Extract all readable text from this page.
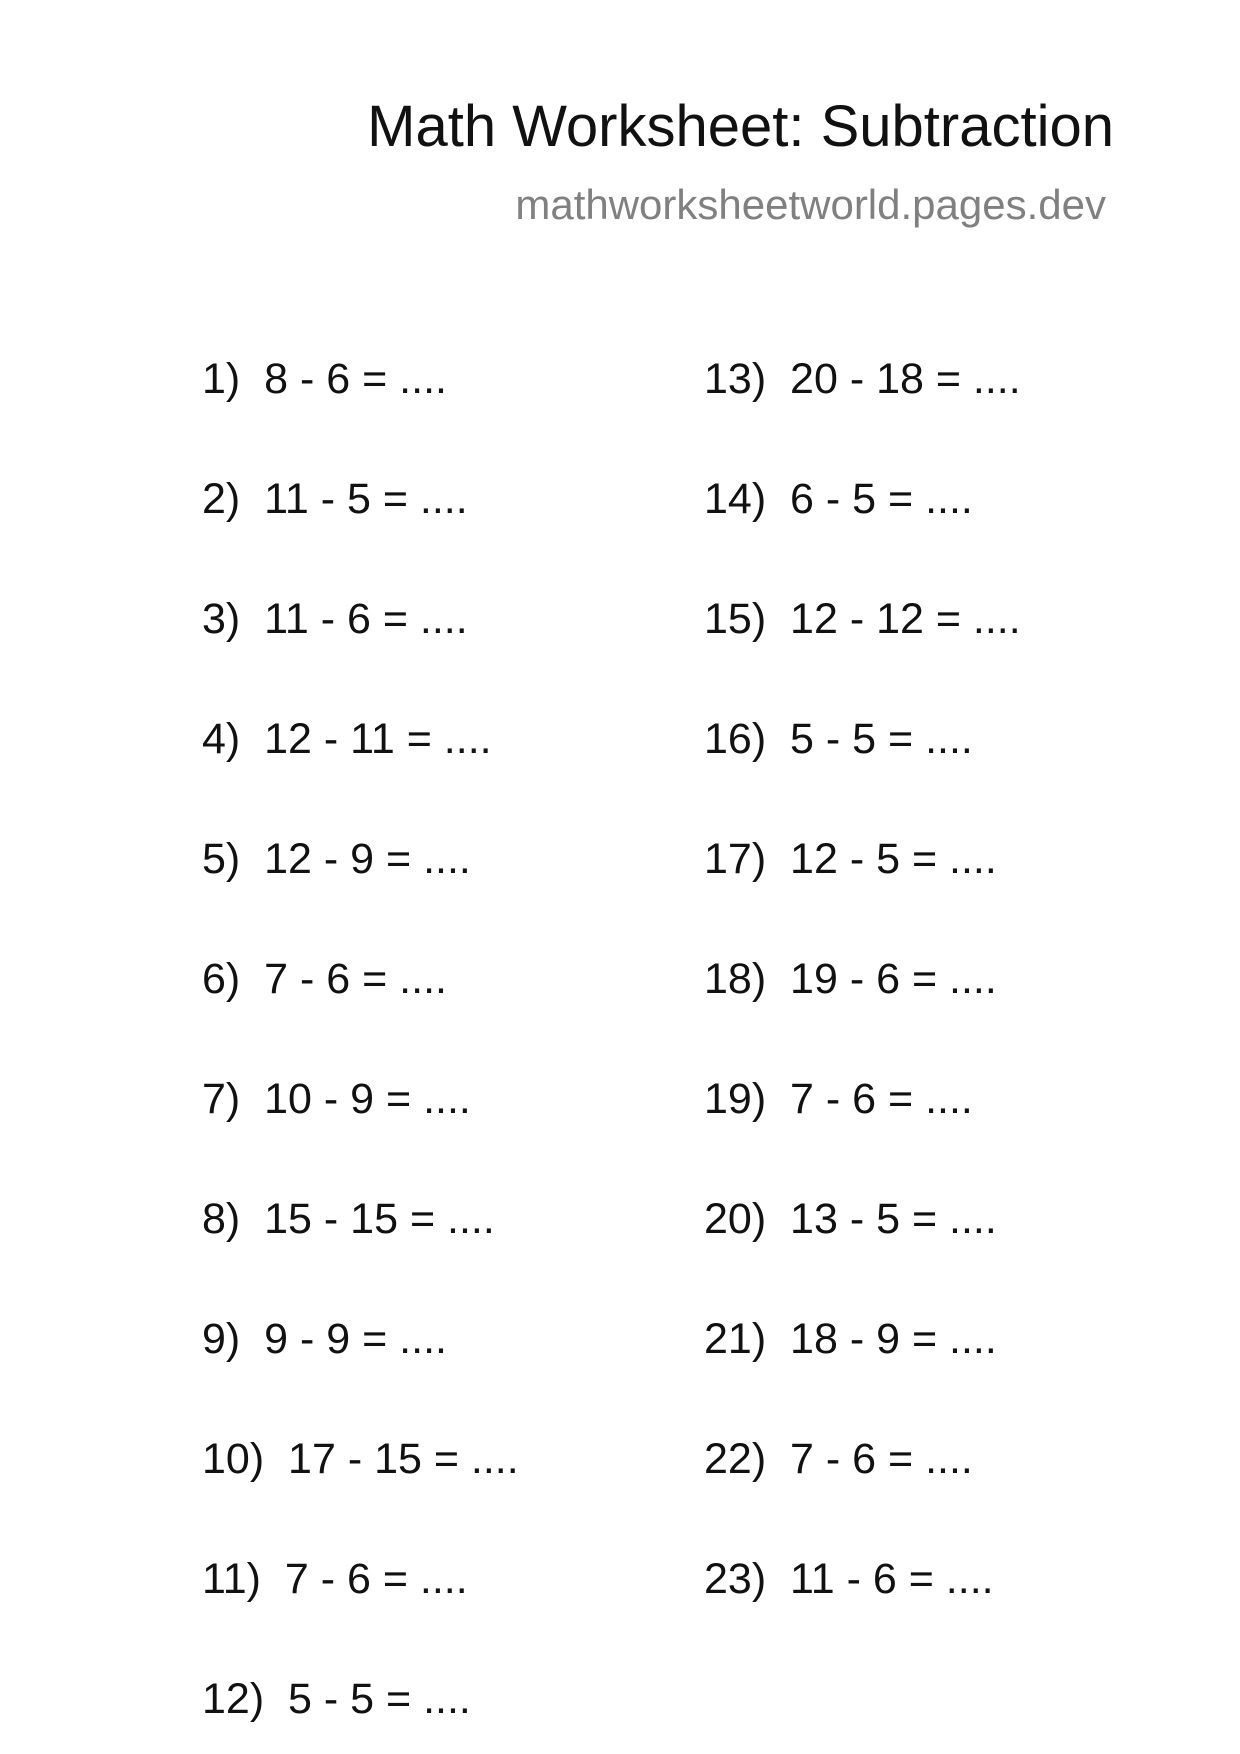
Math Worksheet: Subtraction
mathworksheetworld.pages.dev
1)  8 - 6 = ....
2)  11 - 5 = ....
3)  11 - 6 = ....
4)  12 - 11 = ....
5)  12 - 9 = ....
6)  7 - 6 = ....
7)  10 - 9 = ....
8)  15 - 15 = ....
9)  9 - 9 = ....
10)  17 - 15 = ....
11)  7 - 6 = ....
12)  5 - 5 = ....
13)  20 - 18 = ....
14)  6 - 5 = ....
15)  12 - 12 = ....
16)  5 - 5 = ....
17)  12 - 5 = ....
18)  19 - 6 = ....
19)  7 - 6 = ....
20)  13 - 5 = ....
21)  18 - 9 = ....
22)  7 - 6 = ....
23)  11 - 6 = ....
